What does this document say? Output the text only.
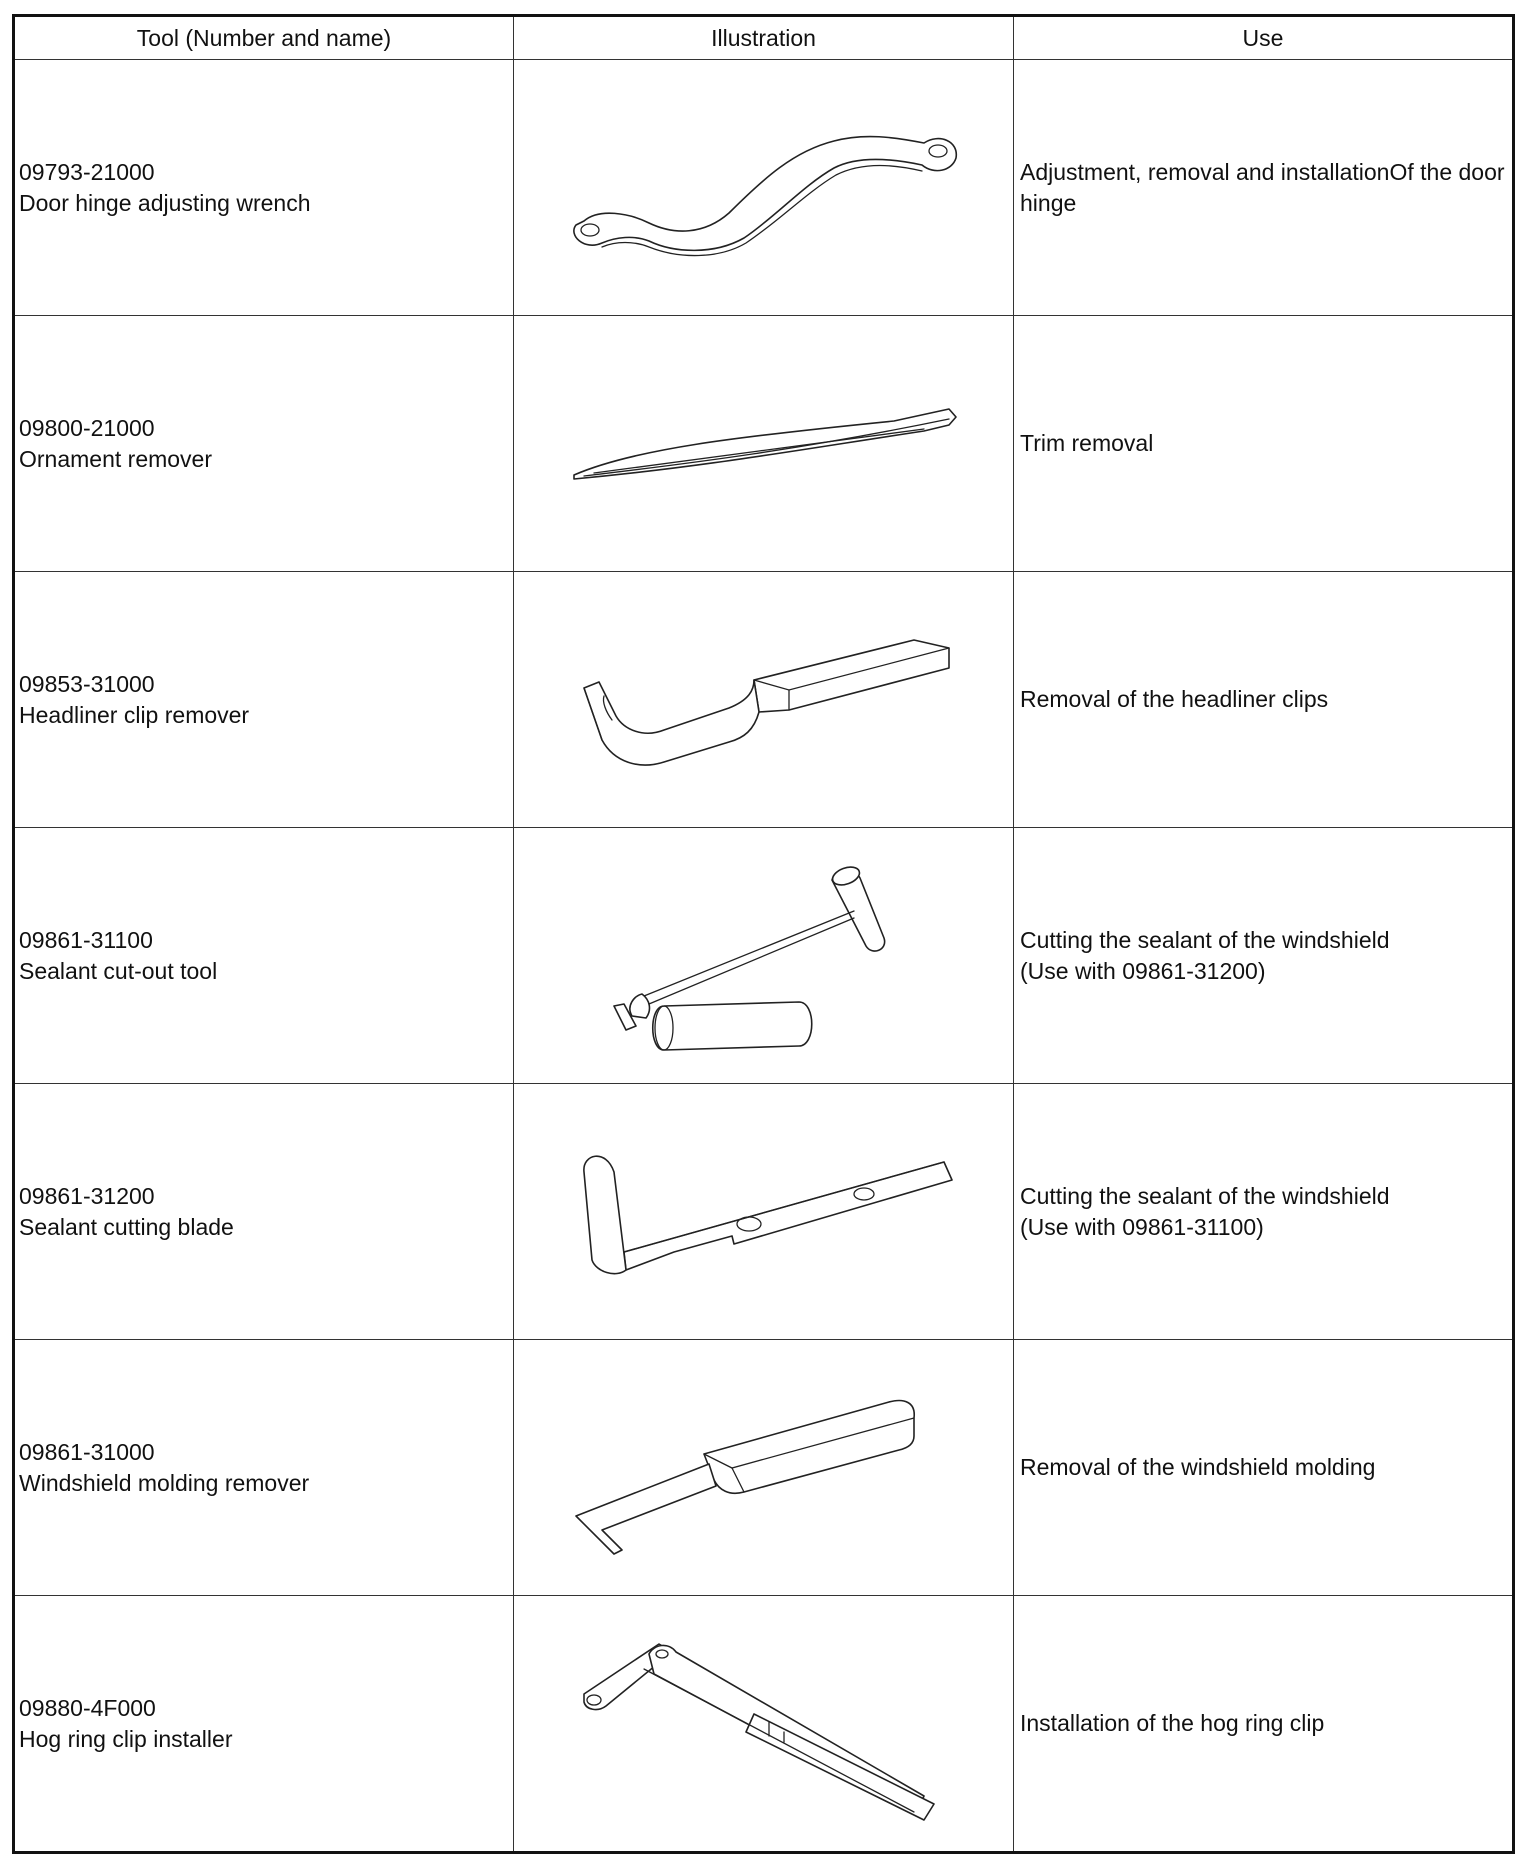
Tool (Number and name)	Illustration	Use

09793-21000
Door hinge adjusting wrench		Adjustment, removal and installationOf the door hinge

09800-21000
Ornament remover		Trim removal

09853-31000
Headliner clip remover		Removal of the headliner clips

09861-31100
Sealant cut-out tool		Cutting the sealant of the windshield
(Use with 09861-31200)

09861-31200
Sealant cutting blade		Cutting the sealant of the windshield
(Use with 09861-31100)

09861-31000
Windshield molding remover		Removal of the windshield molding

09880-4F000
Hog ring clip installer		Installation of the hog ring clip
